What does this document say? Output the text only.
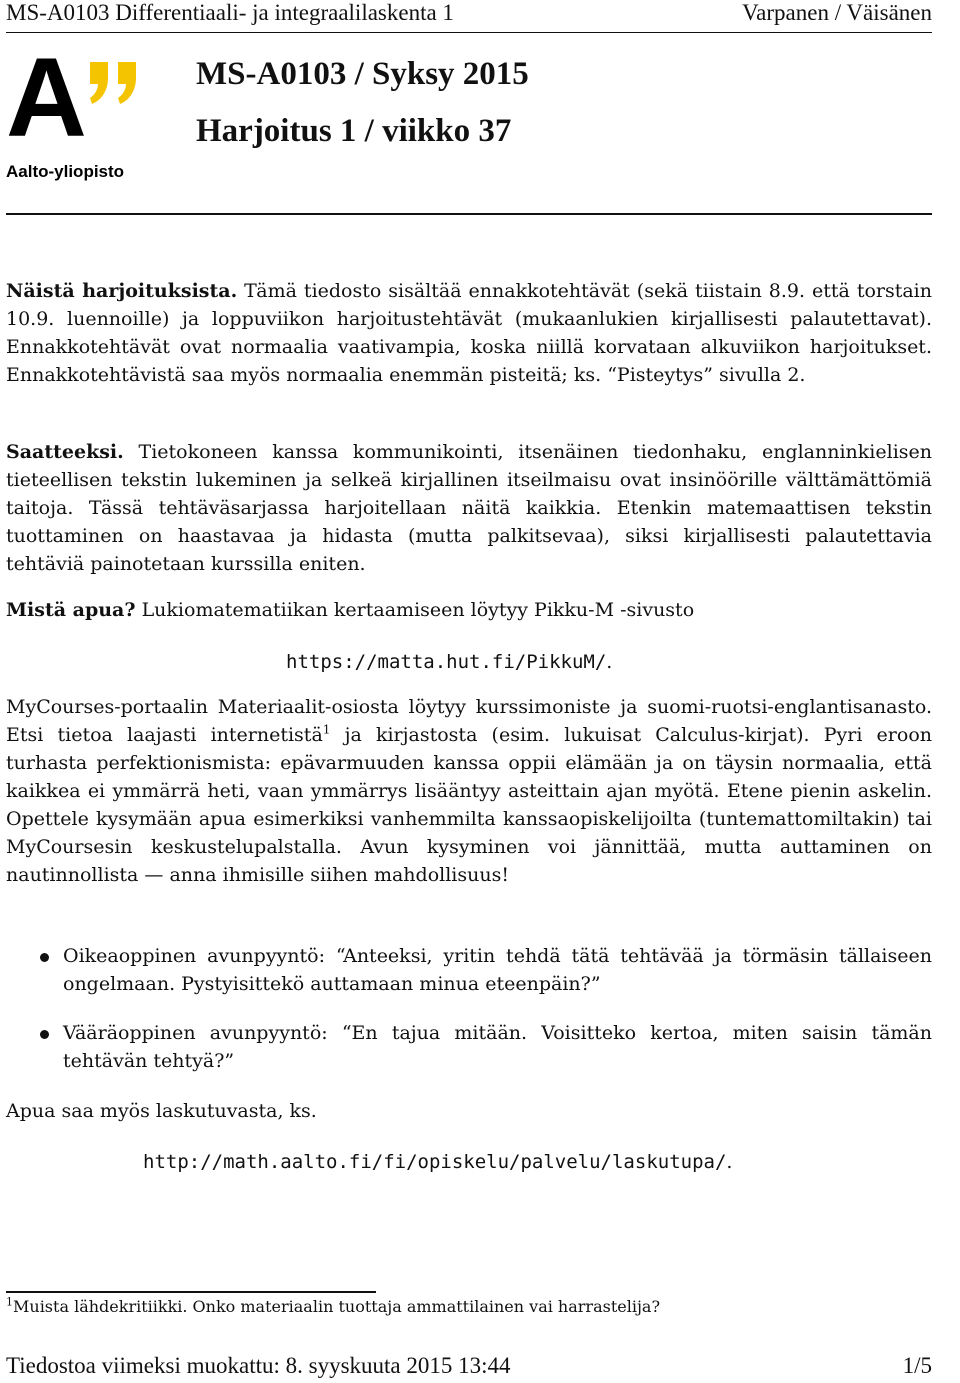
MS-A0103 Differentiaali- ja integraalilaskenta 1	Varpanen / Väisänen
A
Aalto-yliopisto
MS-A0103 / Syksy 2015
Harjoitus 1 / viikko 37
Näistä harjoituksista. Tämä tiedosto sisältää ennakkotehtävät (sekä tiistain 8.9. että torstain 10.9. luennoille) ja loppuviikon harjoitustehtävät (mukaanlukien kirjallisesti palautettavat). Ennakkotehtävät ovat normaalia vaativampia, koska niillä korvataan alkuviikon harjoitukset. Ennakkotehtävistä saa myös normaalia enemmän pisteitä; ks. “Pisteytys” sivulla 2.
Saatteeksi. Tietokoneen kanssa kommunikointi, itsenäinen tiedonhaku, englanninkielisen tieteellisen tekstin lukeminen ja selkeä kirjallinen itseilmaisu ovat insinöörille välttämättömiä taitoja. Tässä tehtäväsarjassa harjoitellaan näitä kaikkia. Etenkin matemaattisen tekstin tuottaminen on haastavaa ja hidasta (mutta palkitsevaa), siksi kirjallisesti palautettavia tehtäviä painotetaan kurssilla eniten.
Mistä apua? Lukiomatematiikan kertaamiseen löytyy Pikku-M -sivusto
https://matta.hut.fi/PikkuM/.
MyCourses-portaalin Materiaalit-osiosta löytyy kurssimoniste ja suomi-ruotsi-englantisanasto. Etsi tietoa laajasti internetistä$^1$ ja kirjastosta (esim. lukuisat Calculus-kirjat). Pyri eroon turhasta perfektionismista: epävarmuuden kanssa oppii elämään ja on täysin normaalia, että kaikkea ei ymmärrä heti, vaan ymmärrys lisääntyy asteittain ajan myötä. Etene pienin askelin. Opettele kysymään apua esimerkiksi vanhemmilta kanssaopiskelijoilta (tuntemattomiltakin) tai MyCoursesin keskustelupalstalla. Avun kysyminen voi jännittää, mutta auttaminen on nautinnollista — anna ihmisille siihen mahdollisuus!
Oikeaoppinen avunpyyntö: “Anteeksi, yritin tehdä tätä tehtävää ja törmäsin tällaiseen ongelmaan. Pystyisittekö auttamaan minua eteenpäin?”
Vääräoppinen avunpyyntö: “En tajua mitään. Voisitteko kertoa, miten saisin tämän tehtävän tehtyä?”
Apua saa myös laskutuvasta, ks.
http://math.aalto.fi/fi/opiskelu/palvelu/laskutupa/.
$^1$Muista lähdekritiikki. Onko materiaalin tuottaja ammattilainen vai harrastelija?
Tiedostoa viimeksi muokattu: 8. syyskuuta 2015 13:44	1/5
